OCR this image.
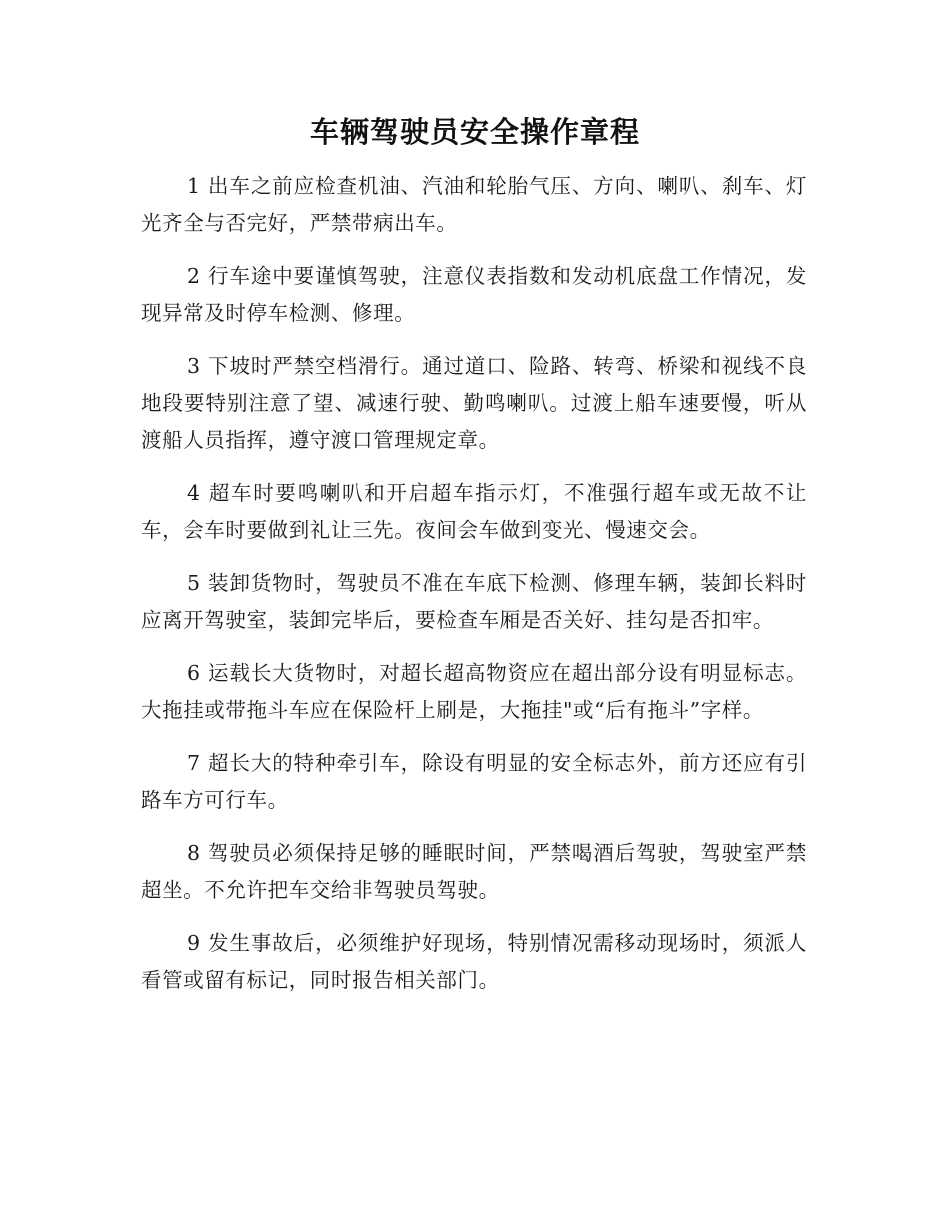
车辆驾驶员安全操作章程

1 出车之前应检查机油、汽油和轮胎气压、方向、喇叭、刹车、灯光齐全与否完好，严禁带病出车。

2 行车途中要谨慎驾驶，注意仪表指数和发动机底盘工作情况，发现异常及时停车检测、修理。

3 下坡时严禁空档滑行。通过道口、险路、转弯、桥梁和视线不良地段要特别注意了望、减速行驶、勤鸣喇叭。过渡上船车速要慢，听从渡船人员指挥，遵守渡口管理规定章。

4 超车时要鸣喇叭和开启超车指示灯，不准强行超车或无故不让车，会车时要做到礼让三先。夜间会车做到变光、慢速交会。

5 装卸货物时，驾驶员不准在车底下检测、修理车辆，装卸长料时应离开驾驶室，装卸完毕后，要检查车厢是否关好、挂勾是否扣牢。

6 运载长大货物时，对超长超高物资应在超出部分设有明显标志。大拖挂或带拖斗车应在保险杆上刷是，大拖挂"或“后有拖斗”字样。

7 超长大的特种牵引车，除设有明显的安全标志外，前方还应有引路车方可行车。

8 驾驶员必须保持足够的睡眠时间，严禁喝酒后驾驶，驾驶室严禁超坐。不允许把车交给非驾驶员驾驶。

9 发生事故后，必须维护好现场，特别情况需移动现场时，须派人看管或留有标记，同时报告相关部门。
